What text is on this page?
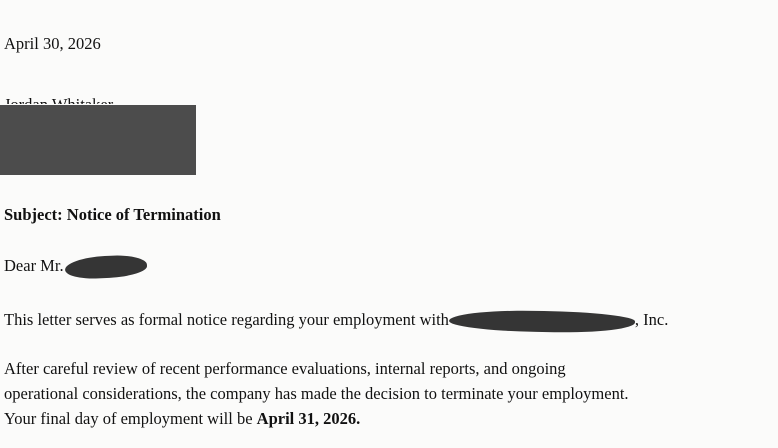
April 30, 2026
Subject: Notice of Termination
Dear Mr.
This letter serves as formal notice regarding your employment with	, Inc.
After careful review of recent performance evaluations, internal reports, and ongoing
operational considerations, the company has made the decision to terminate your employment.
Your final day of employment will be April 31, 2026.
